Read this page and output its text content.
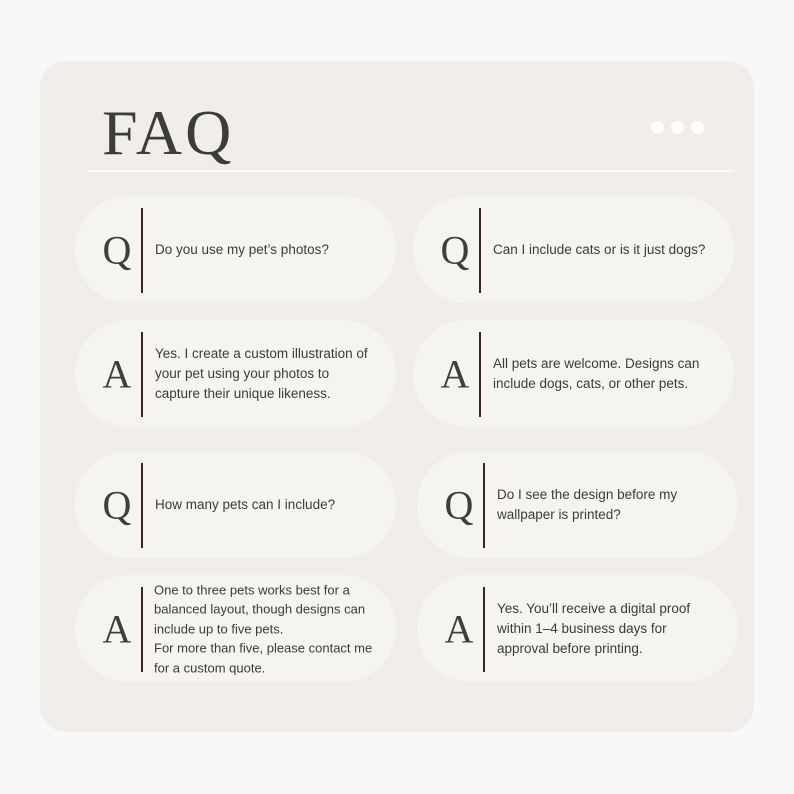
FAQ
Q	Do you use my pet’s photos?	Q	Can I include cats or is it just dogs?
A	Yes. I create a custom illustration of
your pet using your photos to
capture their unique likeness.	A	All pets are welcome. Designs can
include dogs, cats, or other pets.
Q	How many pets can I include?	Q	Do I see the design before my
wallpaper is printed?
A
One to three pets works best for a
balanced layout, though designs can
include up to five pets.
For more than five, please contact me
for a custom quote.
A	Yes. You’ll receive a digital proof
within 1–4 business days for
approval before printing.
